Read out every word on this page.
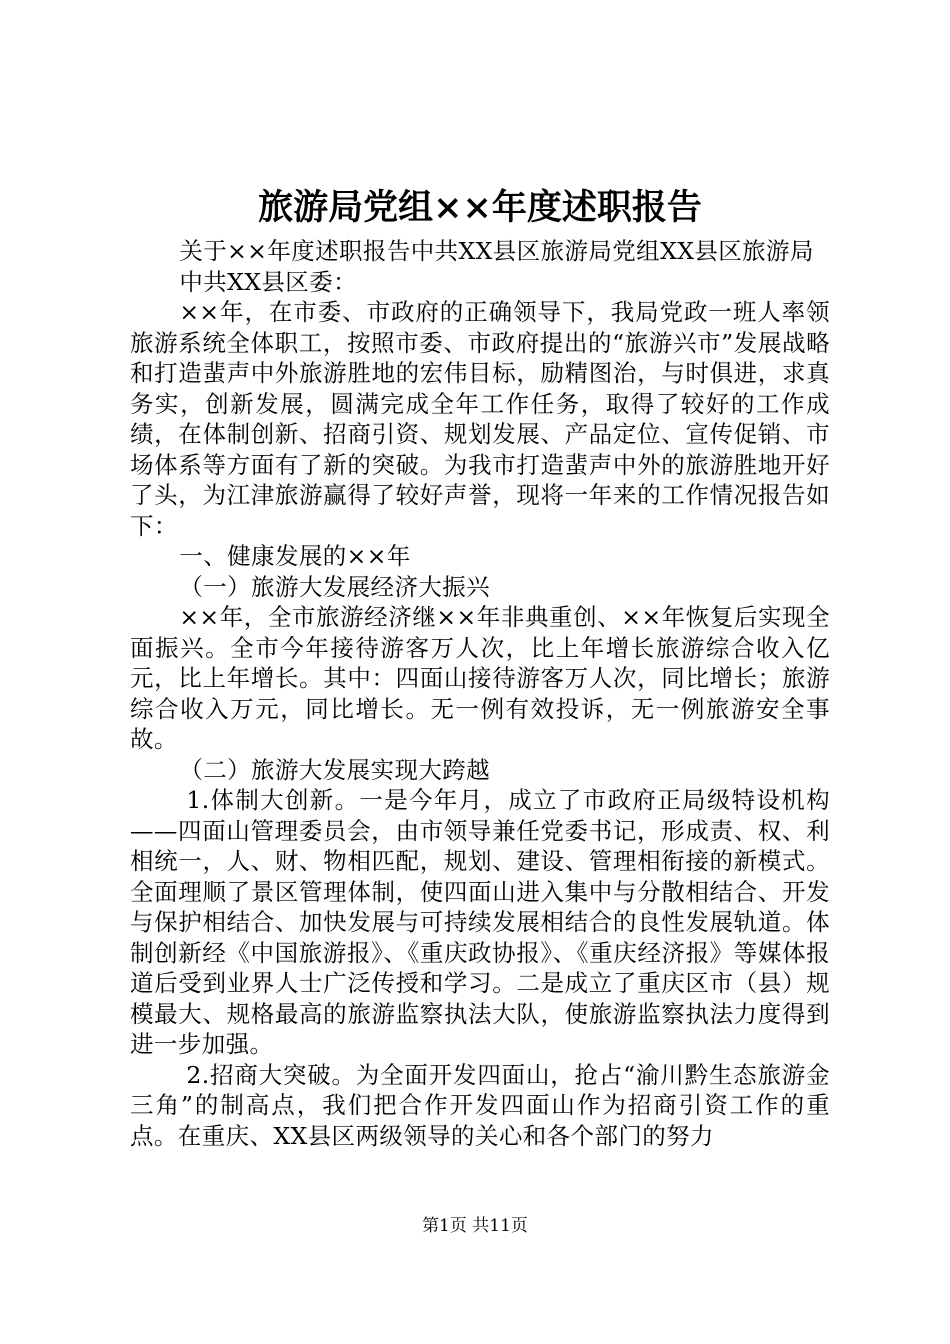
旅游局党组××年度述职报告

关于××年度述职报告中共XX县区旅游局党组XX县区旅游局

中共XX县区委：

××年，在市委、市政府的正确领导下，我局党政一班人率领旅游系统全体职工，按照市委、市政府提出的“旅游兴市”发展战略和打造蜚声中外旅游胜地的宏伟目标，励精图治，与时俱进，求真务实，创新发展，圆满完成全年工作任务，取得了较好的工作成绩，在体制创新、招商引资、规划发展、产品定位、宣传促销、市场体系等方面有了新的突破。为我市打造蜚声中外的旅游胜地开好了头，为江津旅游赢得了较好声誉，现将一年来的工作情况报告如下：

一、健康发展的××年

（一）旅游大发展经济大振兴

××年，全市旅游经济继××年非典重创、××年恢复后实现全面振兴。全市今年接待游客万人次，比上年增长旅游综合收入亿元，比上年增长。其中：四面山接待游客万人次，同比增长；旅游综合收入万元，同比增长。无一例有效投诉，无一例旅游安全事故。

（二）旅游大发展实现大跨越

1.体制大创新。一是今年月，成立了市政府正局级特设机构——四面山管理委员会，由市领导兼任党委书记，形成责、权、利相统一，人、财、物相匹配，规划、建设、管理相衔接的新模式。全面理顺了景区管理体制，使四面山进入集中与分散相结合、开发与保护相结合、加快发展与可持续发展相结合的良性发展轨道。体制创新经《中国旅游报》、《重庆政协报》、《重庆经济报》等媒体报道后受到业界人士广泛传授和学习。二是成立了重庆区市（县）规模最大、规格最高的旅游监察执法大队，使旅游监察执法力度得到进一步加强。

2.招商大突破。为全面开发四面山，抢占“渝川黔生态旅游金三角”的制高点，我们把合作开发四面山作为招商引资工作的重点。在重庆、XX县区两级领导的关心和各个部门的努力

第1页 共11页
